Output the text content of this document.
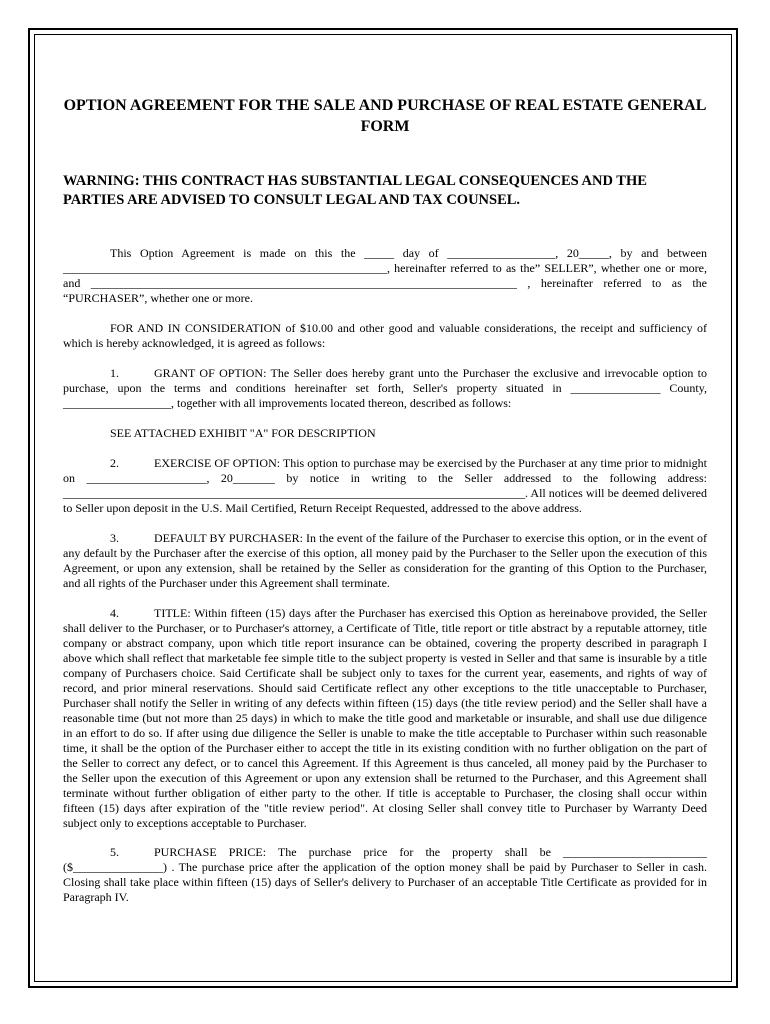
OPTION AGREEMENT FOR THE SALE AND PURCHASE OF REAL ESTATE GENERAL FORM

WARNING: THIS CONTRACT HAS SUBSTANTIAL LEGAL CONSEQUENCES AND THE PARTIES ARE ADVISED TO CONSULT LEGAL AND TAX COUNSEL.

This Option Agreement is made on this the _____ day of __________________, 20_____, by and between ______________________________________________________, hereinafter referred to as the” SELLER”, whether one or more, and _______________________________________________________________________ , hereinafter referred to as the “PURCHASER”, whether one or more.

FOR AND IN CONSIDERATION of $10.00 and other good and valuable considerations, the receipt and sufficiency of which is hereby acknowledged, it is agreed as follows:

1.	GRANT OF OPTION: The Seller does hereby grant unto the Purchaser the exclusive and irrevocable option to purchase, upon the terms and conditions hereinafter set forth, Seller's property situated in _______________ County, __________________, together with all improvements located thereon, described as follows:

SEE ATTACHED EXHIBIT "A" FOR DESCRIPTION

2.	EXERCISE OF OPTION: This option to purchase may be exercised by the Purchaser at any time prior to midnight on ____________________, 20_______ by notice in writing to the Seller addressed to the following address: _____________________________________________________________________________. All notices will be deemed delivered to Seller upon deposit in the U.S. Mail Certified, Return Receipt Requested, addressed to the above address.

3.	DEFAULT BY PURCHASER: In the event of the failure of the Purchaser to exercise this option, or in the event of any default by the Purchaser after the exercise of this option, all money paid by the Purchaser to the Seller upon the execution of this Agreement, or upon any extension, shall be retained by the Seller as consideration for the granting of this Option to the Purchaser, and all rights of the Purchaser under this Agreement shall terminate.

4.	TITLE: Within fifteen (15) days after the Purchaser has exercised this Option as hereinabove provided, the Seller shall deliver to the Purchaser, or to Purchaser's attorney, a Certificate of Title, title report or title abstract by a reputable attorney, title company or abstract company, upon which title report insurance can be obtained, covering the property described in paragraph I above which shall reflect that marketable fee simple title to the subject property is vested in Seller and that same is insurable by a title company of Purchasers choice. Said Certificate shall be subject only to taxes for the current year, easements, and rights of way of record, and prior mineral reservations. Should said Certificate reflect any other exceptions to the title unacceptable to Purchaser, Purchaser shall notify the Seller in writing of any defects within fifteen (15) days (the title review period) and the Seller shall have a reasonable time (but not more than 25 days) in which to make the title good and marketable or insurable, and shall use due diligence in an effort to do so. If after using due diligence the Seller is unable to make the title acceptable to Purchaser within such reasonable time, it shall be the option of the Purchaser either to accept the title in its existing condition with no further obligation on the part of the Seller to correct any defect, or to cancel this Agreement. If this Agreement is thus canceled, all money paid by the Purchaser to the Seller upon the execution of this Agreement or upon any extension shall be returned to the Purchaser, and this Agreement shall terminate without further obligation of either party to the other. If title is acceptable to Purchaser, the closing shall occur within fifteen (15) days after expiration of the "title review period". At closing Seller shall convey title to Purchaser by Warranty Deed subject only to exceptions acceptable to Purchaser.

5.	PURCHASE PRICE: The purchase price for the property shall be ________________________ ($_______________) . The purchase price after the application of the option money shall be paid by Purchaser to Seller in cash. Closing shall take place within fifteen (15) days of Seller's delivery to Purchaser of an acceptable Title Certificate as provided for in Paragraph IV.
